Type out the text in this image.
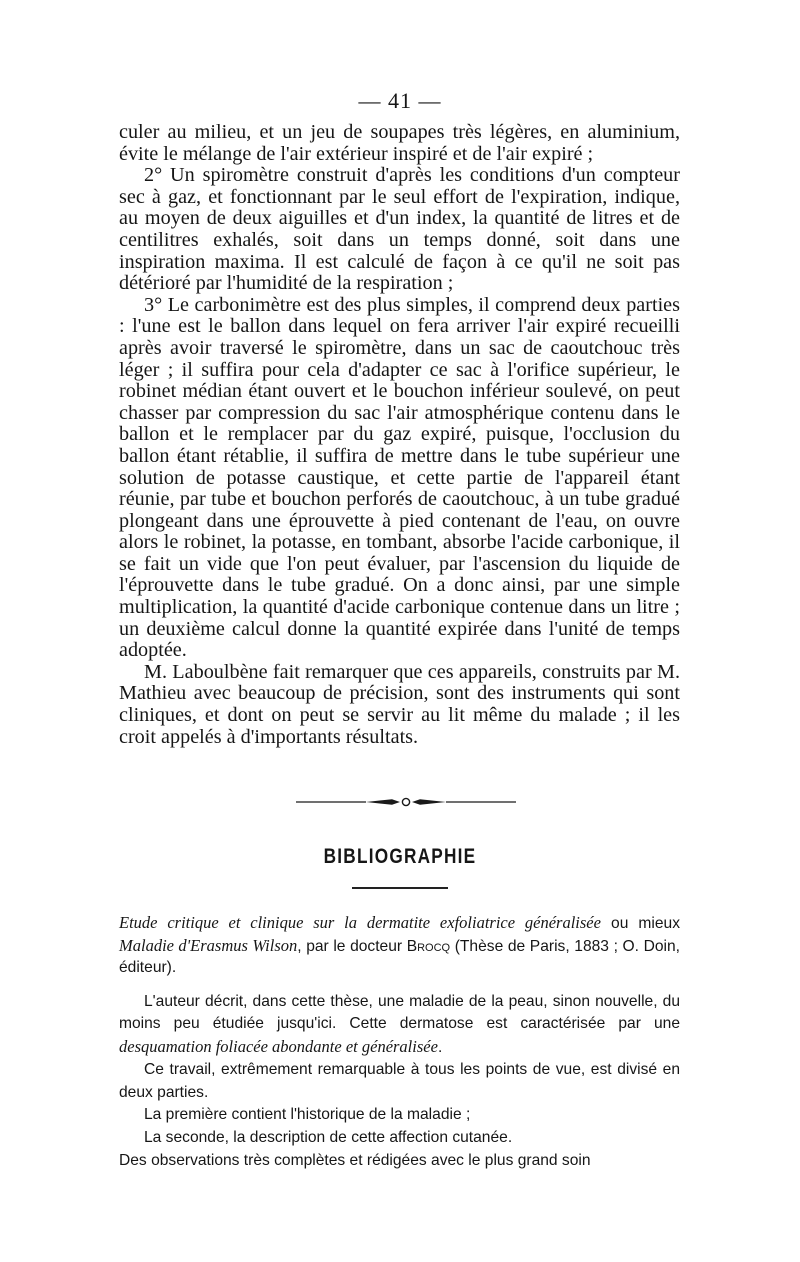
— 41 —

culer au milieu, et un jeu de soupapes très légères, en aluminium, évite le mélange de l'air extérieur inspiré et de l'air expiré ;

2° Un spiromètre construit d'après les conditions d'un compteur sec à gaz, et fonctionnant par le seul effort de l'expiration, indique, au moyen de deux aiguilles et d'un index, la quantité de litres et de centilitres exhalés, soit dans un temps donné, soit dans une inspiration maxima. Il est calculé de façon à ce qu'il ne soit pas détérioré par l'humidité de la respiration ;

3° Le carbonimètre est des plus simples, il comprend deux parties : l'une est le ballon dans lequel on fera arriver l'air expiré recueilli après avoir traversé le spiromètre, dans un sac de caoutchouc très léger ; il suffira pour cela d'adapter ce sac à l'orifice supérieur, le robinet médian étant ouvert et le bouchon inférieur soulevé, on peut chasser par compression du sac l'air atmosphérique contenu dans le ballon et le remplacer par du gaz expiré, puisque, l'occlusion du ballon étant rétablie, il suffira de mettre dans le tube supérieur une solution de potasse caustique, et cette partie de l'appareil étant réunie, par tube et bouchon perforés de caoutchouc, à un tube gradué plongeant dans une éprouvette à pied contenant de l'eau, on ouvre alors le robinet, la potasse, en tombant, absorbe l'acide carbonique, il se fait un vide que l'on peut évaluer, par l'ascension du liquide de l'éprouvette dans le tube gradué. On a donc ainsi, par une simple multiplication, la quantité d'acide carbonique contenue dans un litre ; un deuxième calcul donne la quantité expirée dans l'unité de temps adoptée.

M. Laboulbène fait remarquer que ces appareils, construits par M. Mathieu avec beaucoup de précision, sont des instruments qui sont cliniques, et dont on peut se servir au lit même du malade ; il les croit appelés à d'importants résultats.

BIBLIOGRAPHIE

Etude critique et clinique sur la dermatite exfoliatrice généralisée ou mieux Maladie d'Erasmus Wilson, par le docteur Brocq (Thèse de Paris, 1883 ; O. Doin, éditeur).

L'auteur décrit, dans cette thèse, une maladie de la peau, sinon nouvelle, du moins peu étudiée jusqu'ici. Cette dermatose est caractérisée par une desquamation foliacée abondante et généralisée.

Ce travail, extrêmement remarquable à tous les points de vue, est divisé en deux parties.

La première contient l'historique de la maladie ;

La seconde, la description de cette affection cutanée.

Des observations très complètes et rédigées avec le plus grand soin
